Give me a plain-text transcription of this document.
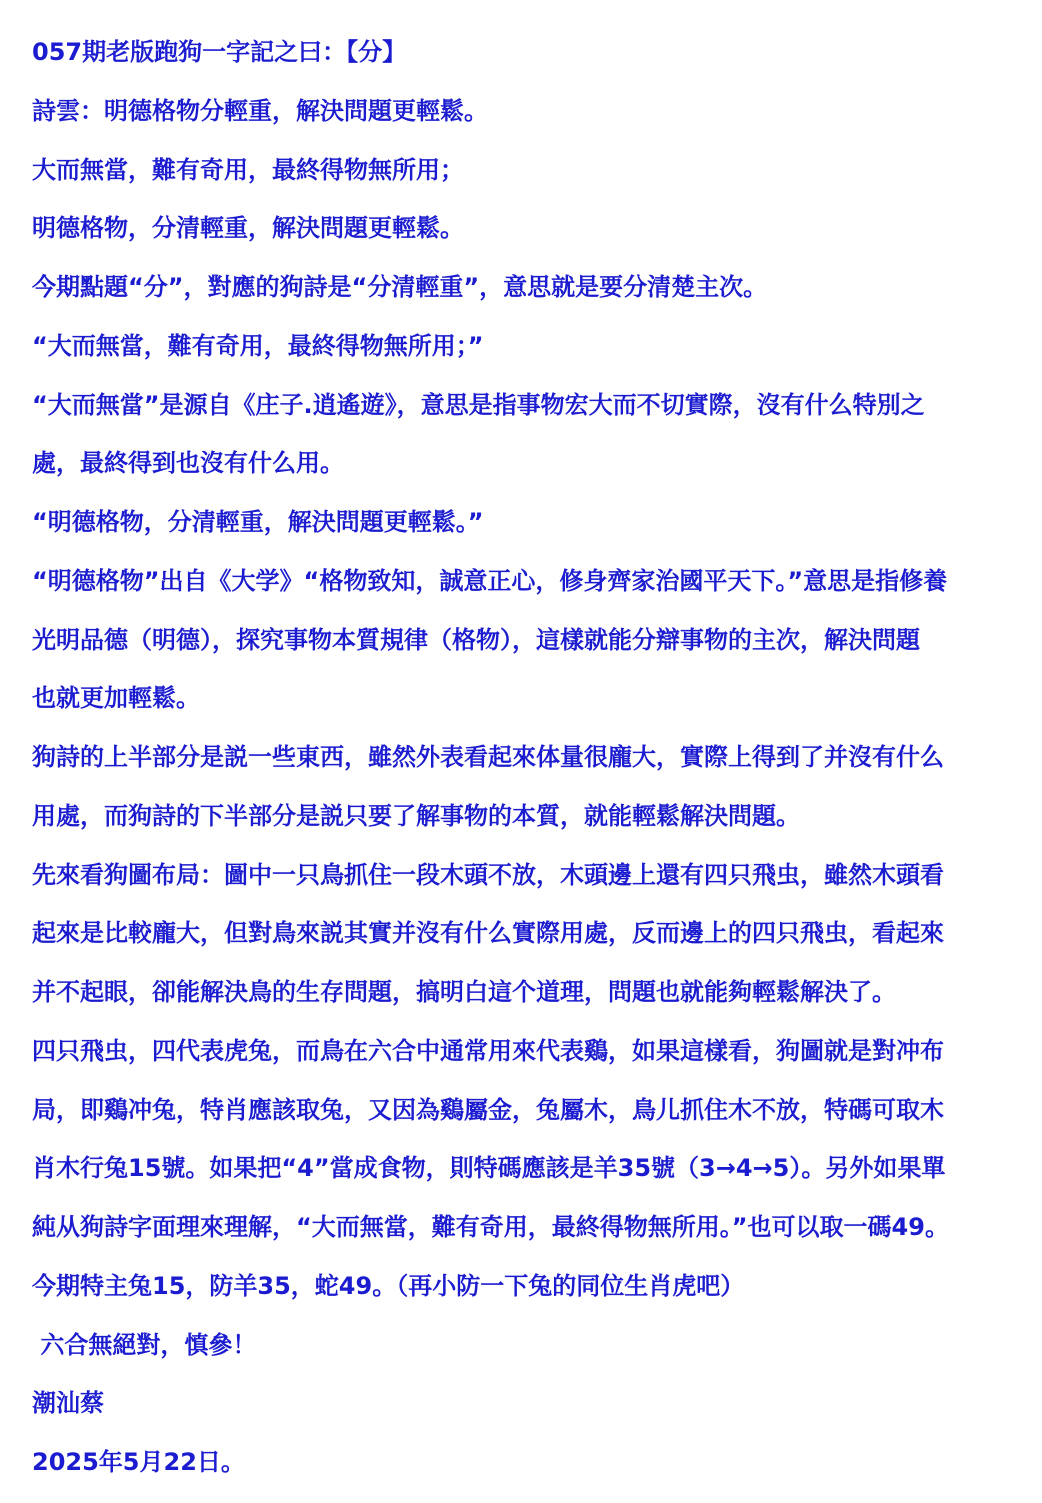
057期老版跑狗一字記之曰：【分】
詩雲：明德格物分輕重，解決問題更輕鬆。
大而無當，難有奇用，最終得物無所用；
明德格物，分清輕重，解決問題更輕鬆。
今期點題“分”，對應的狗詩是“分清輕重”，意思就是要分清楚主次。
“大而無當，難有奇用，最終得物無所用；”
“大而無當”是源自《庄子.逍遙遊》，意思是指事物宏大而不切實際，沒有什么特別之
處，最終得到也沒有什么用。
“明德格物，分清輕重，解決問題更輕鬆。”
“明德格物”出自《大学》“格物致知，誠意正心，修身齊家治國平天下。”意思是指修養
光明品德（明德），探究事物本質規律（格物），這樣就能分辯事物的主次，解決問題
也就更加輕鬆。
狗詩的上半部分是説一些東西，雖然外表看起來体量很龐大，實際上得到了并沒有什么
用處，而狗詩的下半部分是説只要了解事物的本質，就能輕鬆解決問題。
先來看狗圖布局：圖中一只鳥抓住一段木頭不放，木頭邊上還有四只飛虫，雖然木頭看
起來是比較龐大，但對鳥來説其實并沒有什么實際用處，反而邊上的四只飛虫，看起來
并不起眼，卻能解決鳥的生存問題，搞明白這个道理，問題也就能夠輕鬆解決了。
四只飛虫，四代表虎兔，而鳥在六合中通常用來代表鷄，如果這樣看，狗圖就是對冲布
局，即鷄冲兔，特肖應該取兔，又因為鷄屬金，兔屬木，鳥儿抓住木不放，特碼可取木
肖木行兔15號。如果把“4”當成食物，則特碼應該是羊35號（3→4→5）。另外如果單
純从狗詩字面理來理解，“大而無當，難有奇用，最終得物無所用。”也可以取一碼49。
今期特主兔15，防羊35，蛇49。（再小防一下兔的同位生肖虎吧）
六合無絕對，慎參！
潮汕蔡
2025年5月22日。
